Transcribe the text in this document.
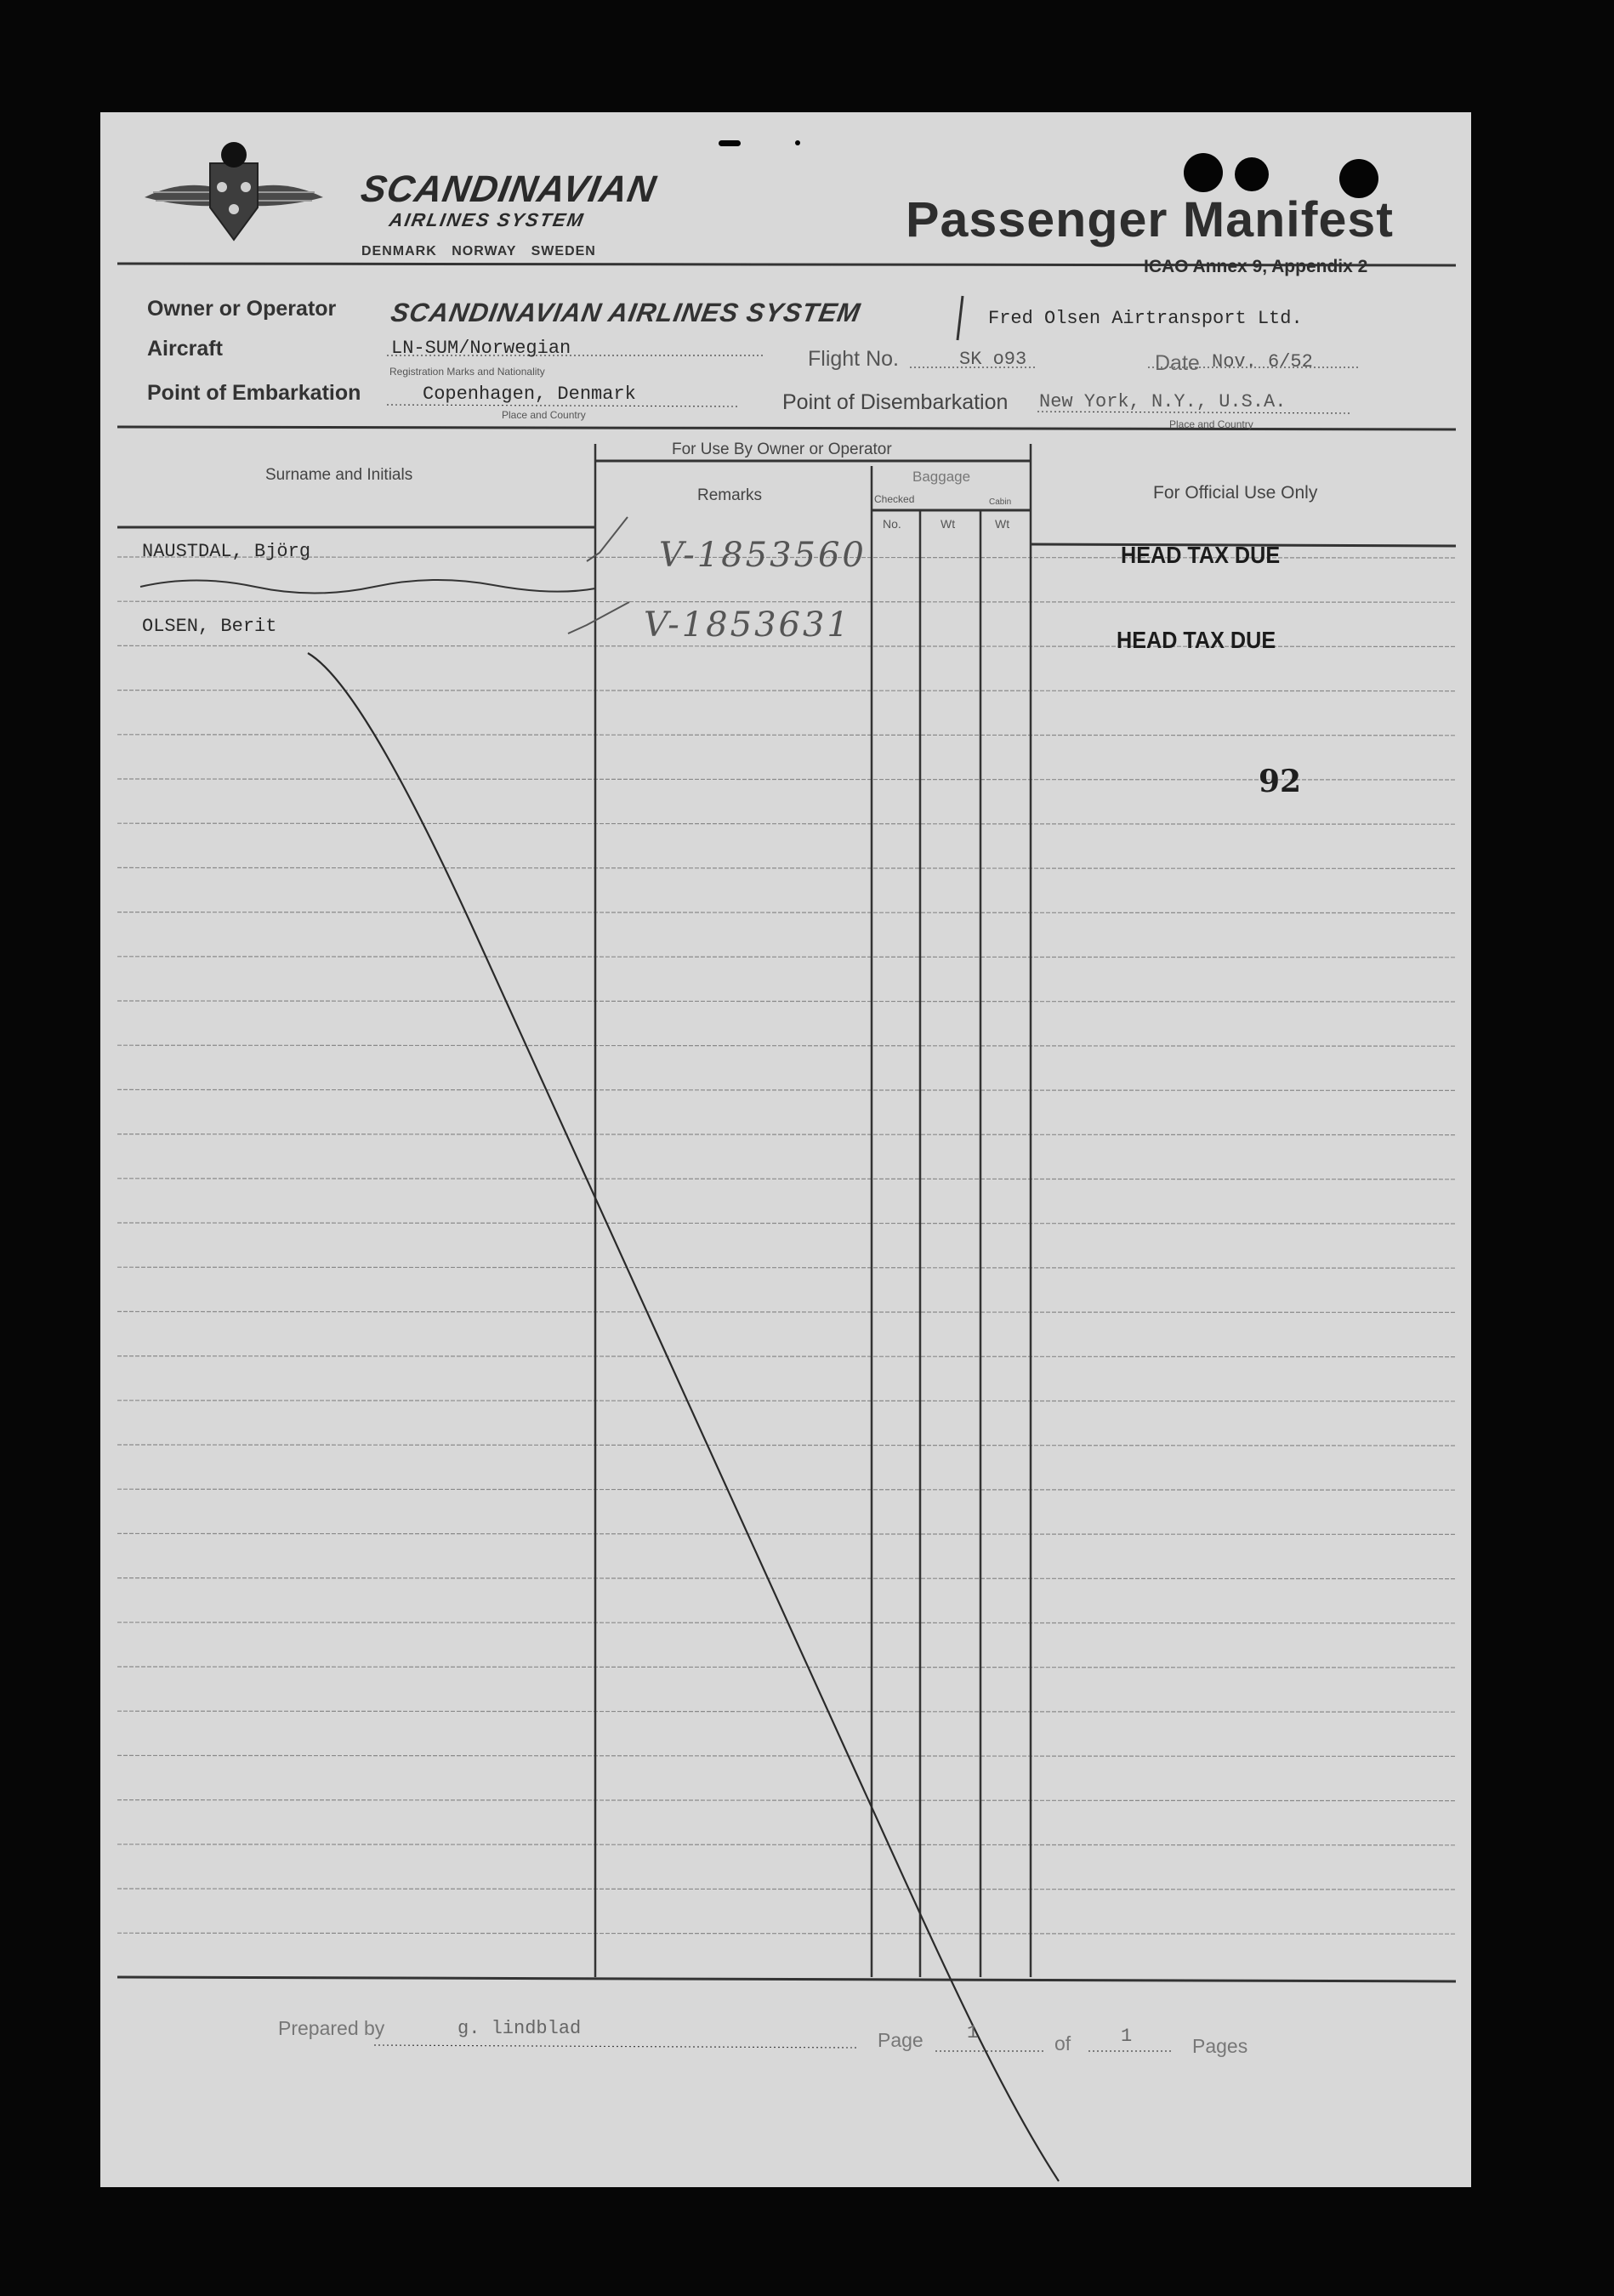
SCANDINAVIAN
AIRLINES SYSTEM
DENMARK NORWAY SWEDEN
Passenger Manifest
ICAO Annex 9, Appendix 2
Owner or Operator SCANDINAVIAN AIRLINES SYSTEM	Fred Olsen Airtransport Ltd.
Aircraft	LN-SUM/Norwegian
Registration Marks and Nationality
Flight No.	SK o93	Date Nov. 6/52
Point of Embarkation	Copenhagen, Denmark
Place and Country
Point of Disembarkation New York, N.Y., U.S.A.
Place and Country
Surname and Initials
For Use By Owner or Operator
Remarks
Baggage
Checked	Cabin
No.	Wt	Wt
For Official Use Only
NAUSTDAL, Björg	V-1853560	HEAD TAX DUE
OLSEN, Berit	V-1853631	HEAD TAX DUE
92
Prepared by	g. lindblad
Page 1	of	1	Pages
